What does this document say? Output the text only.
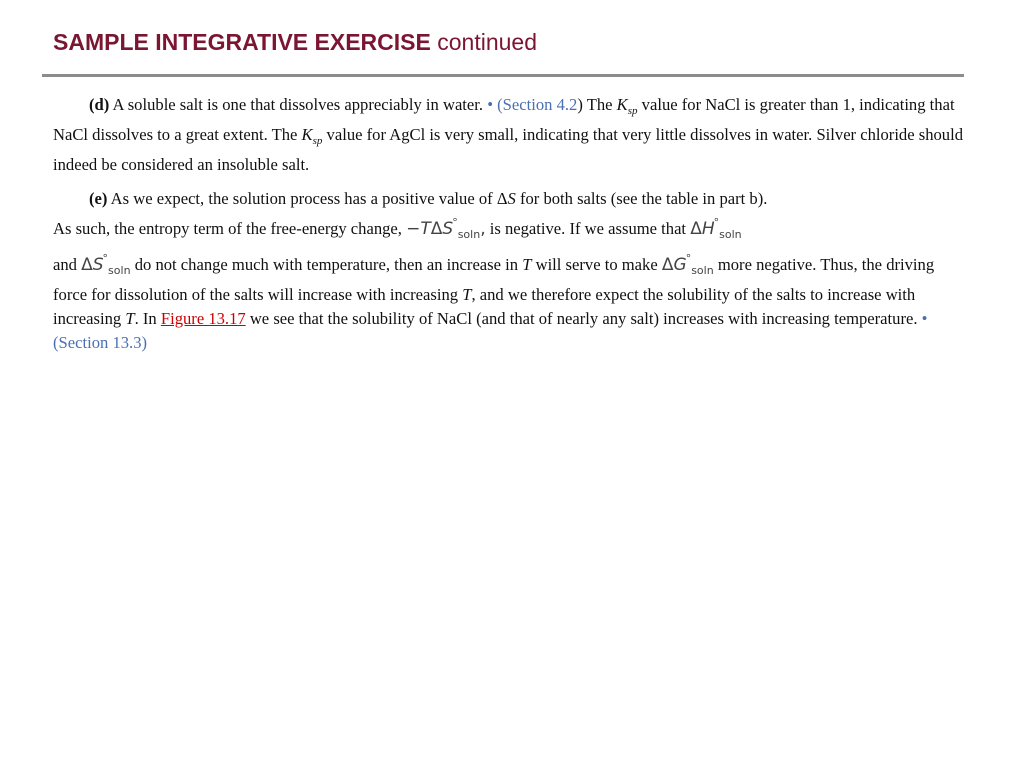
SAMPLE INTEGRATIVE EXERCISE continued

(d) A soluble salt is one that dissolves appreciably in water. • (Section 4.2) The $K_{sp}$ value for NaCl is greater than 1, indicating that NaCl dissolves to a great extent. The $K_{sp}$ value for AgCl is very small, indicating that very little dissolves in water. Silver chloride should indeed be considered an insoluble salt.

(e) As we expect, the solution process has a positive value of ΔS for both salts (see the table in part b).
As such, the entropy term of the free-energy change, $-T\Delta S^\circ_{soln}$, is negative. If we assume that $\Delta H^\circ_{soln}$
and $\Delta S^\circ_{soln}$ do not change much with temperature, then an increase in T will serve to make $\Delta G^\circ_{soln}$ more negative. Thus, the driving force for dissolution of the salts will increase with increasing T, and we therefore expect the solubility of the salts to increase with increasing T. In Figure 13.17 we see that the solubility of NaCl (and that of nearly any salt) increases with increasing temperature. • (Section 13.3)
